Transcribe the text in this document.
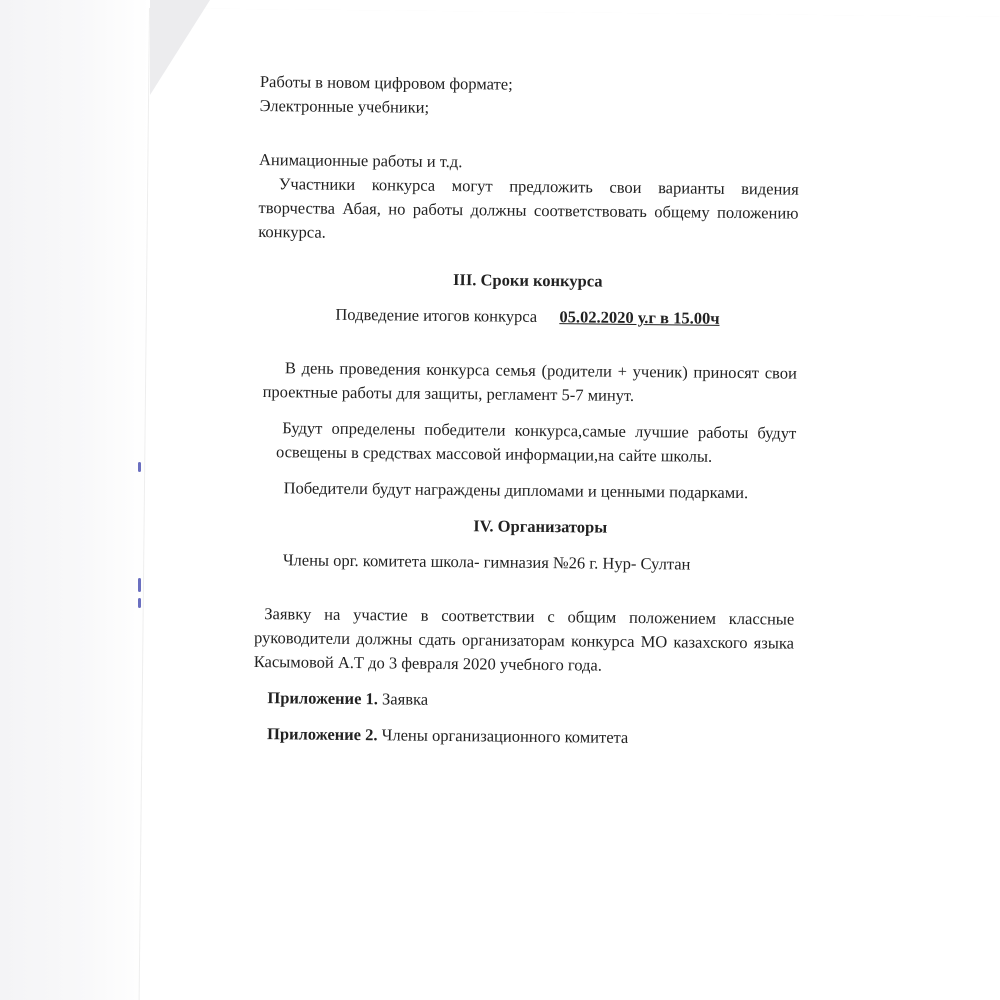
Работы в новом цифровом формате;
Электронные учебники;
Анимационные работы и т.д.
Участники конкурса могут предложить свои варианты видения
творчества Абая, но работы должны соответствовать общему положению
конкурса.
III. Сроки конкурса
Подведение итогов конкурса 05.02.2020 у.г в 15.00ч
В день проведения конкурса семья (родители + ученик) приносят свои
проектные работы для защиты, регламент 5-7 минут.
Будут определены победители конкурса,самые лучшие работы будут
освещены в средствах массовой информации,на сайте школы.
Победители будут награждены дипломами и ценными подарками.
IV. Организаторы
Члены орг. комитета школа- гимназия №26 г. Нур- Султан
Заявку на участие в соответствии с общим положением классные
руководители должны сдать организаторам конкурса МО казахского языка
Касымовой А.Т до 3 февраля 2020 учебного года.
Приложение 1. Заявка
Приложение 2. Члены организационного комитета
